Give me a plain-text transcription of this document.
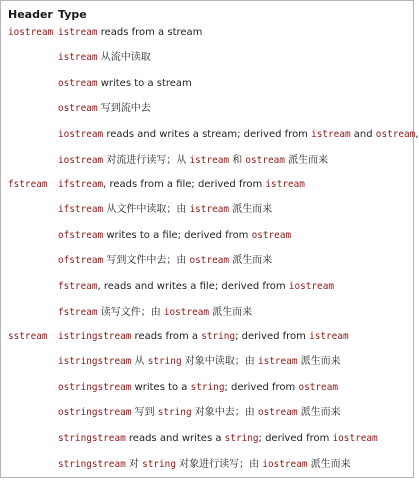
Header Type
iostream istream reads from a stream
istream 从流中读取
ostream writes to a stream
ostream 写到流中去
iostream reads and writes a stream; derived from istream and ostream,
iostream 对流进行读写；从 istream 和 ostream 派生而来
fstream ifstream, reads from a file; derived from istream
ifstream 从文件中读取；由 istream 派生而来
ofstream writes to a file; derived from ostream
ofstream 写到文件中去；由 ostream 派生而来
fstream, reads and writes a file; derived from iostream
fstream 读写文件；由 iostream 派生而来
sstream istringstream reads from a string; derived from istream
istringstream 从 string 对象中读取；由 istream 派生而来
ostringstream writes to a string; derived from ostream
ostringstream 写到 string 对象中去；由 ostream 派生而来
stringstream reads and writes a string; derived from iostream
stringstream 对 string 对象进行读写；由 iostream 派生而来
